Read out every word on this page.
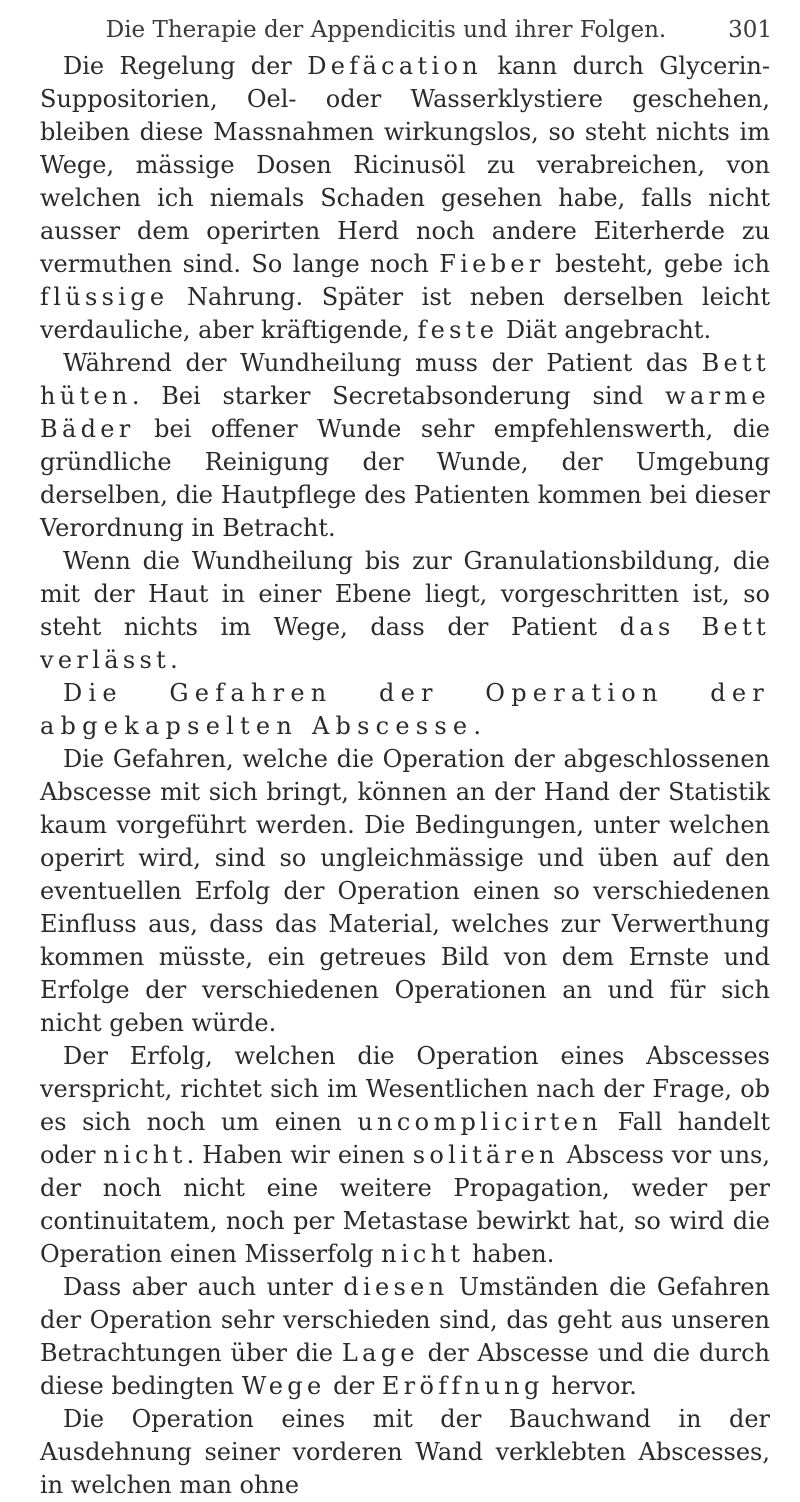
Die Therapie der Appendicitis und ihrer Folgen.	301

Die Regelung der Defäcation kann durch Glycerin-Suppositorien, Oel- oder Wasserklystiere geschehen, bleiben diese Massnahmen wirkungslos, so steht nichts im Wege, mässige Dosen Ricinusöl zu verabreichen, von welchen ich niemals Schaden gesehen habe, falls nicht ausser dem operirten Herd noch andere Eiterherde zu vermuthen sind. So lange noch Fieber besteht, gebe ich flüssige Nahrung. Später ist neben derselben leicht verdauliche, aber kräftigende, feste Diät angebracht.

Während der Wundheilung muss der Patient das Bett hüten. Bei starker Secretabsonderung sind warme Bäder bei offener Wunde sehr empfehlenswerth, die gründliche Reinigung der Wunde, der Umgebung derselben, die Hautpflege des Patienten kommen bei dieser Verordnung in Betracht.

Wenn die Wundheilung bis zur Granulationsbildung, die mit der Haut in einer Ebene liegt, vorgeschritten ist, so steht nichts im Wege, dass der Patient das Bett verlässt.

Die Gefahren der Operation der abgekapselten Abscesse.

Die Gefahren, welche die Operation der abgeschlossenen Abscesse mit sich bringt, können an der Hand der Statistik kaum vorgeführt werden. Die Bedingungen, unter welchen operirt wird, sind so ungleichmässige und üben auf den eventuellen Erfolg der Operation einen so verschiedenen Einfluss aus, dass das Material, welches zur Verwerthung kommen müsste, ein getreues Bild von dem Ernste und Erfolge der verschiedenen Operationen an und für sich nicht geben würde.

Der Erfolg, welchen die Operation eines Abscesses verspricht, richtet sich im Wesentlichen nach der Frage, ob es sich noch um einen uncomplicirten Fall handelt oder nicht. Haben wir einen solitären Abscess vor uns, der noch nicht eine weitere Propagation, weder per continuitatem, noch per Metastase bewirkt hat, so wird die Operation einen Misserfolg nicht haben.

Dass aber auch unter diesen Umständen die Gefahren der Operation sehr verschieden sind, das geht aus unseren Betrachtungen über die Lage der Abscesse und die durch diese bedingten Wege der Eröffnung hervor.

Die Operation eines mit der Bauchwand in der Ausdehnung seiner vorderen Wand verklebten Abscesses, in welchen man ohne
